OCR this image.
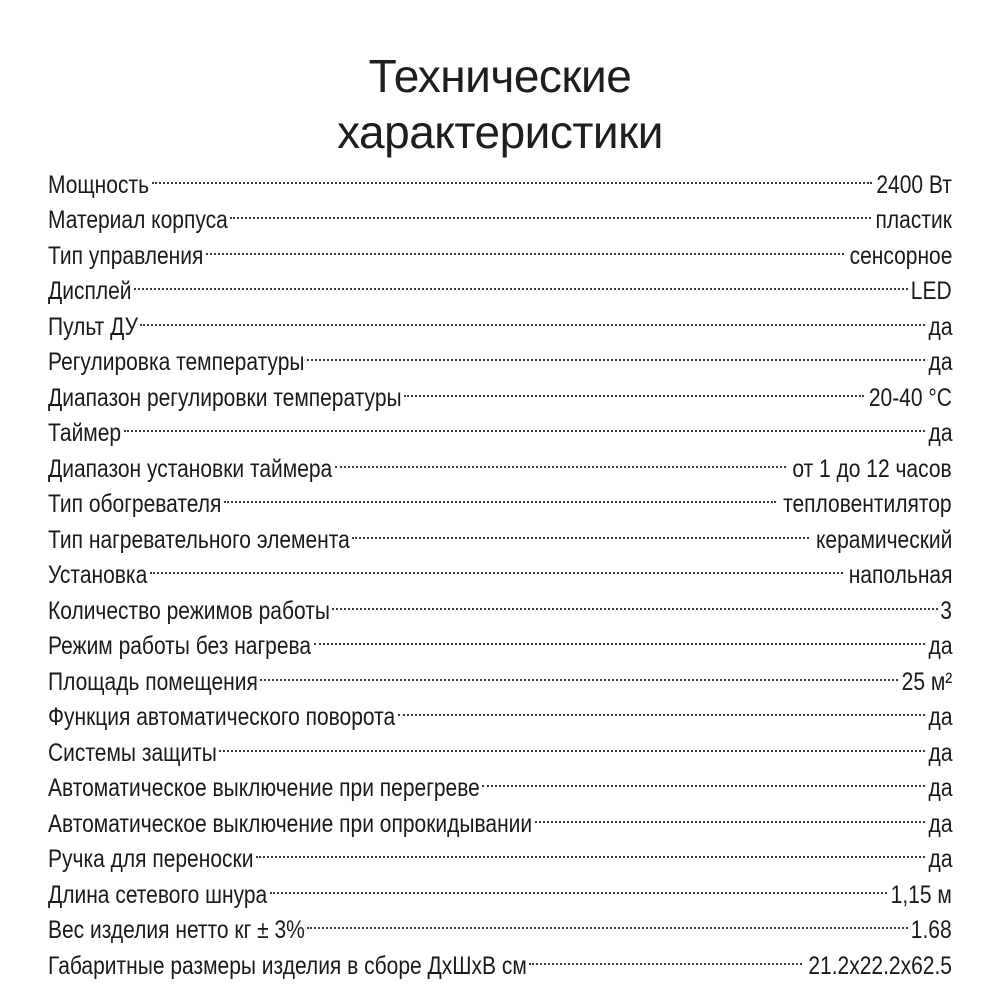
Технические
характеристики
Мощность	2400 Вт
Материал корпуса	пластик
Тип управления	сенсорное
Дисплей	LED
Пульт ДУ	да
Регулировка температуры	да
Диапазон регулировки температуры	20-40 °С
Таймер	да
Диапазон установки таймера	от 1 до 12 часов
Тип обогревателя	тепловентилятор
Тип нагревательного элемента	керамический
Установка	напольная
Количество режимов работы	3
Режим работы без нагрева	да
Площадь помещения	25 м²
Функция автоматического поворота	да
Системы защиты	да
Автоматическое выключение при перегреве	да
Автоматическое выключение при опрокидывании	да
Ручка для переноски	да
Длина сетевого шнура	1,15 м
Вес изделия нетто кг ± 3%	1.68
Габаритные размеры изделия в сборе ДхШхВ см	21.2x22.2x62.5
